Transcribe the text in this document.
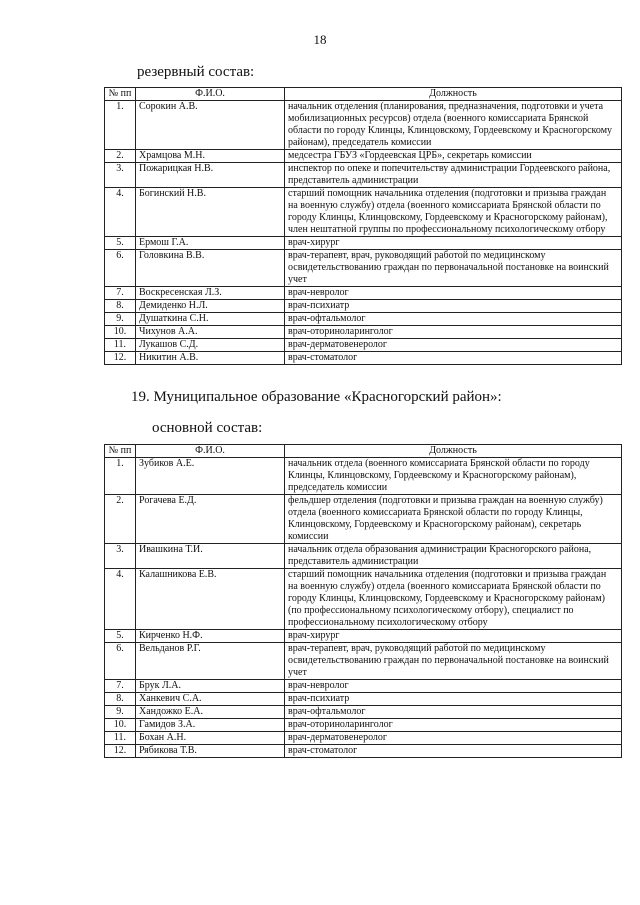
18
резервный состав:
№ пп	Ф.И.О.	Должность
1.	Сорокин А.В.	начальник отделения (планирования, предназначения, подготовки и учета мобилизационных ресурсов) отдела (военного комиссариата Брянской области по городу Клинцы, Клинцовскому, Гордеевскому и Красногорскому районам), председатель комиссии
2.	Храмцова М.Н.	медсестра ГБУЗ «Гордеевская ЦРБ», секретарь комиссии
3.	Пожарицкая Н.В.	инспектор по опеке и попечительству администрации Гордеевского района, представитель администрации
4.	Богинский Н.В.	старший помощник начальника отделения (подготовки и призыва граждан на военную службу) отдела (военного комиссариата Брянской области по городу Клинцы, Клинцовскому, Гордеевскому и Красногорскому районам), член нештатной группы по профессиональному психологическому отбору
5.	Ермош Г.А.	врач-хирург
6.	Головкина В.В.	врач-терапевт, врач, руководящий работой по медицинскому освидетельствованию граждан по первоначальной постановке на воинский учет
7.	Воскресенская Л.З.	врач-невролог
8.	Демиденко Н.Л.	врач-психиатр
9.	Душаткина С.Н.	врач-офтальмолог
10.	Чихунов А.А.	врач-оториноларинголог
11.	Лукашов С.Д.	врач-дерматовенеролог
12.	Никитин А.В.	врач-стоматолог
19. Муниципальное образование «Красногорский район»:
основной состав:
№ пп	Ф.И.О.	Должность
1.	Зубиков А.Е.	начальник отдела (военного комиссариата Брянской области по городу Клинцы, Клинцовскому, Гордеевскому и Красногорскому районам), председатель комиссии
2.	Рогачева Е.Д.	фельдшер отделения (подготовки и призыва граждан на военную службу) отдела (военного комиссариата Брянской области по городу Клинцы, Клинцовскому, Гордеевскому и Красногорскому районам), секретарь комиссии
3.	Ивашкина Т.И.	начальник отдела образования администрации Красногорского района, представитель администрации
4.	Калашникова Е.В.	старший помощник начальника отделения (подготовки и призыва граждан на военную службу) отдела (военного комиссариата Брянской области по городу Клинцы, Клинцовскому, Гордеевскому и Красногорскому районам) (по профессиональному психологическому отбору), специалист по профессиональному психологическому отбору
5.	Кирченко Н.Ф.	врач-хирург
6.	Вельданов Р.Г.	врач-терапевт, врач, руководящий работой по медицинскому освидетельствованию граждан по первоначальной постановке на воинский учет
7.	Брук Л.А.	врач-невролог
8.	Ханкевич С.А.	врач-психиатр
9.	Хандожко Е.А.	врач-офтальмолог
10.	Гамидов З.А.	врач-оториноларинголог
11.	Бохан А.Н.	врач-дерматовенеролог
12.	Рябикова Т.В.	врач-стоматолог
